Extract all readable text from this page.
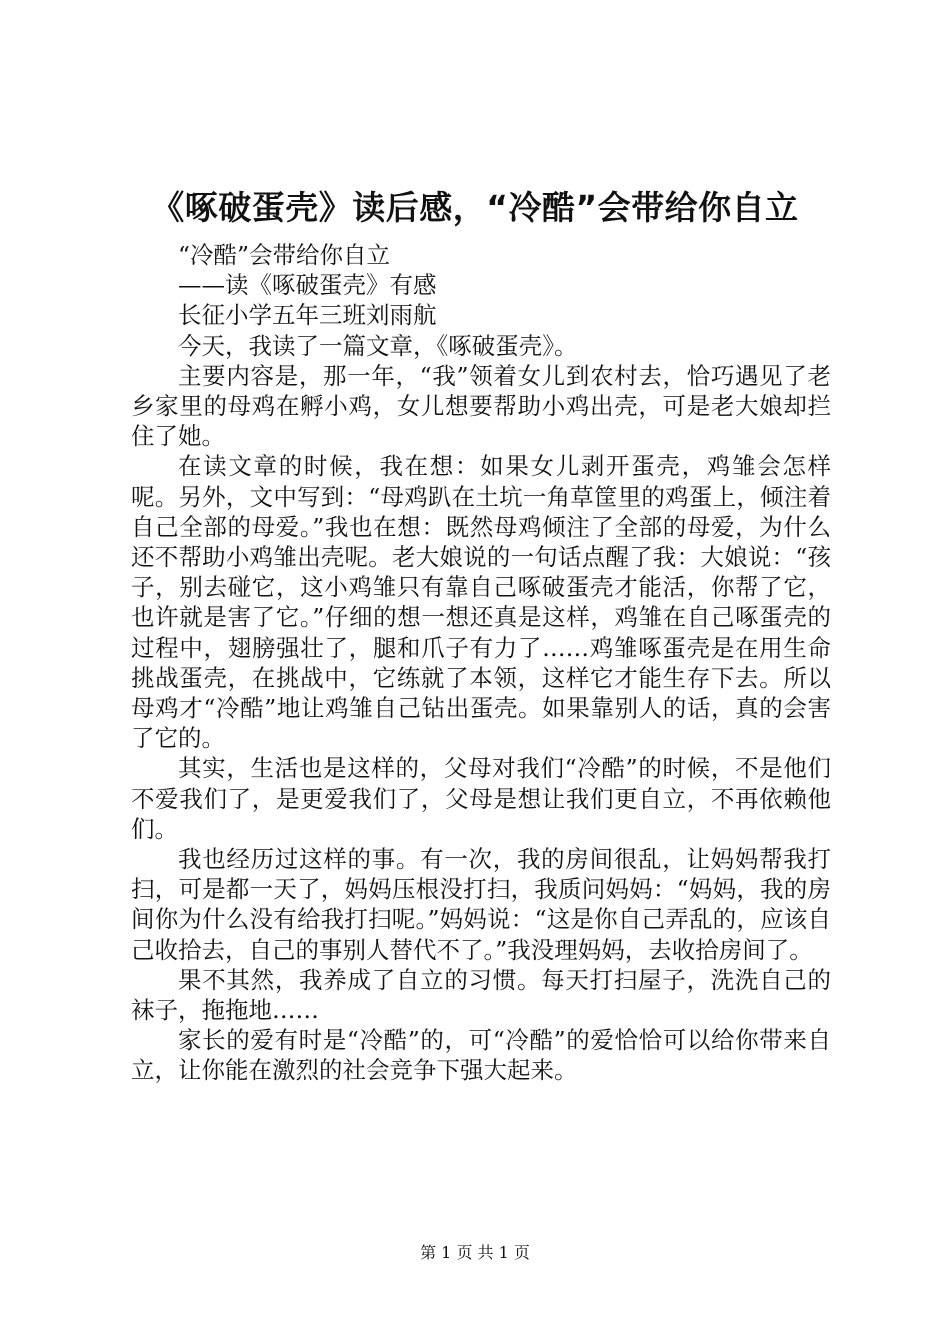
《啄破蛋壳》读后感，“冷酷”会带给你自立

“冷酷”会带给你自立

——读《啄破蛋壳》有感

长征小学五年三班刘雨航

今天，我读了一篇文章，《啄破蛋壳》。

主要内容是，那一年，“我”领着女儿到农村去，恰巧遇见了老乡家里的母鸡在孵小鸡，女儿想要帮助小鸡出壳，可是老大娘却拦住了她。

在读文章的时候，我在想：如果女儿剥开蛋壳，鸡雏会怎样呢。另外，文中写到：“母鸡趴在土坑一角草筐里的鸡蛋上，倾注着自己全部的母爱。”我也在想：既然母鸡倾注了全部的母爱，为什么还不帮助小鸡雏出壳呢。老大娘说的一句话点醒了我：大娘说：“孩子，别去碰它，这小鸡雏只有靠自己啄破蛋壳才能活，你帮了它，也许就是害了它。”仔细的想一想还真是这样，鸡雏在自己啄蛋壳的过程中，翅膀强壮了，腿和爪子有力了……鸡雏啄蛋壳是在用生命挑战蛋壳，在挑战中，它练就了本领，这样它才能生存下去。所以母鸡才“冷酷”地让鸡雏自己钻出蛋壳。如果靠别人的话，真的会害了它的。

其实，生活也是这样的，父母对我们“冷酷”的时候，不是他们不爱我们了，是更爱我们了，父母是想让我们更自立，不再依赖他们。

我也经历过这样的事。有一次，我的房间很乱，让妈妈帮我打扫，可是都一天了，妈妈压根没打扫，我质问妈妈：“妈妈，我的房间你为什么没有给我打扫呢。”妈妈说：“这是你自己弄乱的，应该自己收拾去，自己的事别人替代不了。”我没理妈妈，去收拾房间了。

果不其然，我养成了自立的习惯。每天打扫屋子，洗洗自己的袜子，拖拖地……

家长的爱有时是“冷酷”的，可“冷酷”的爱恰恰可以给你带来自立，让你能在激烈的社会竞争下强大起来。

第 1 页 共 1 页
